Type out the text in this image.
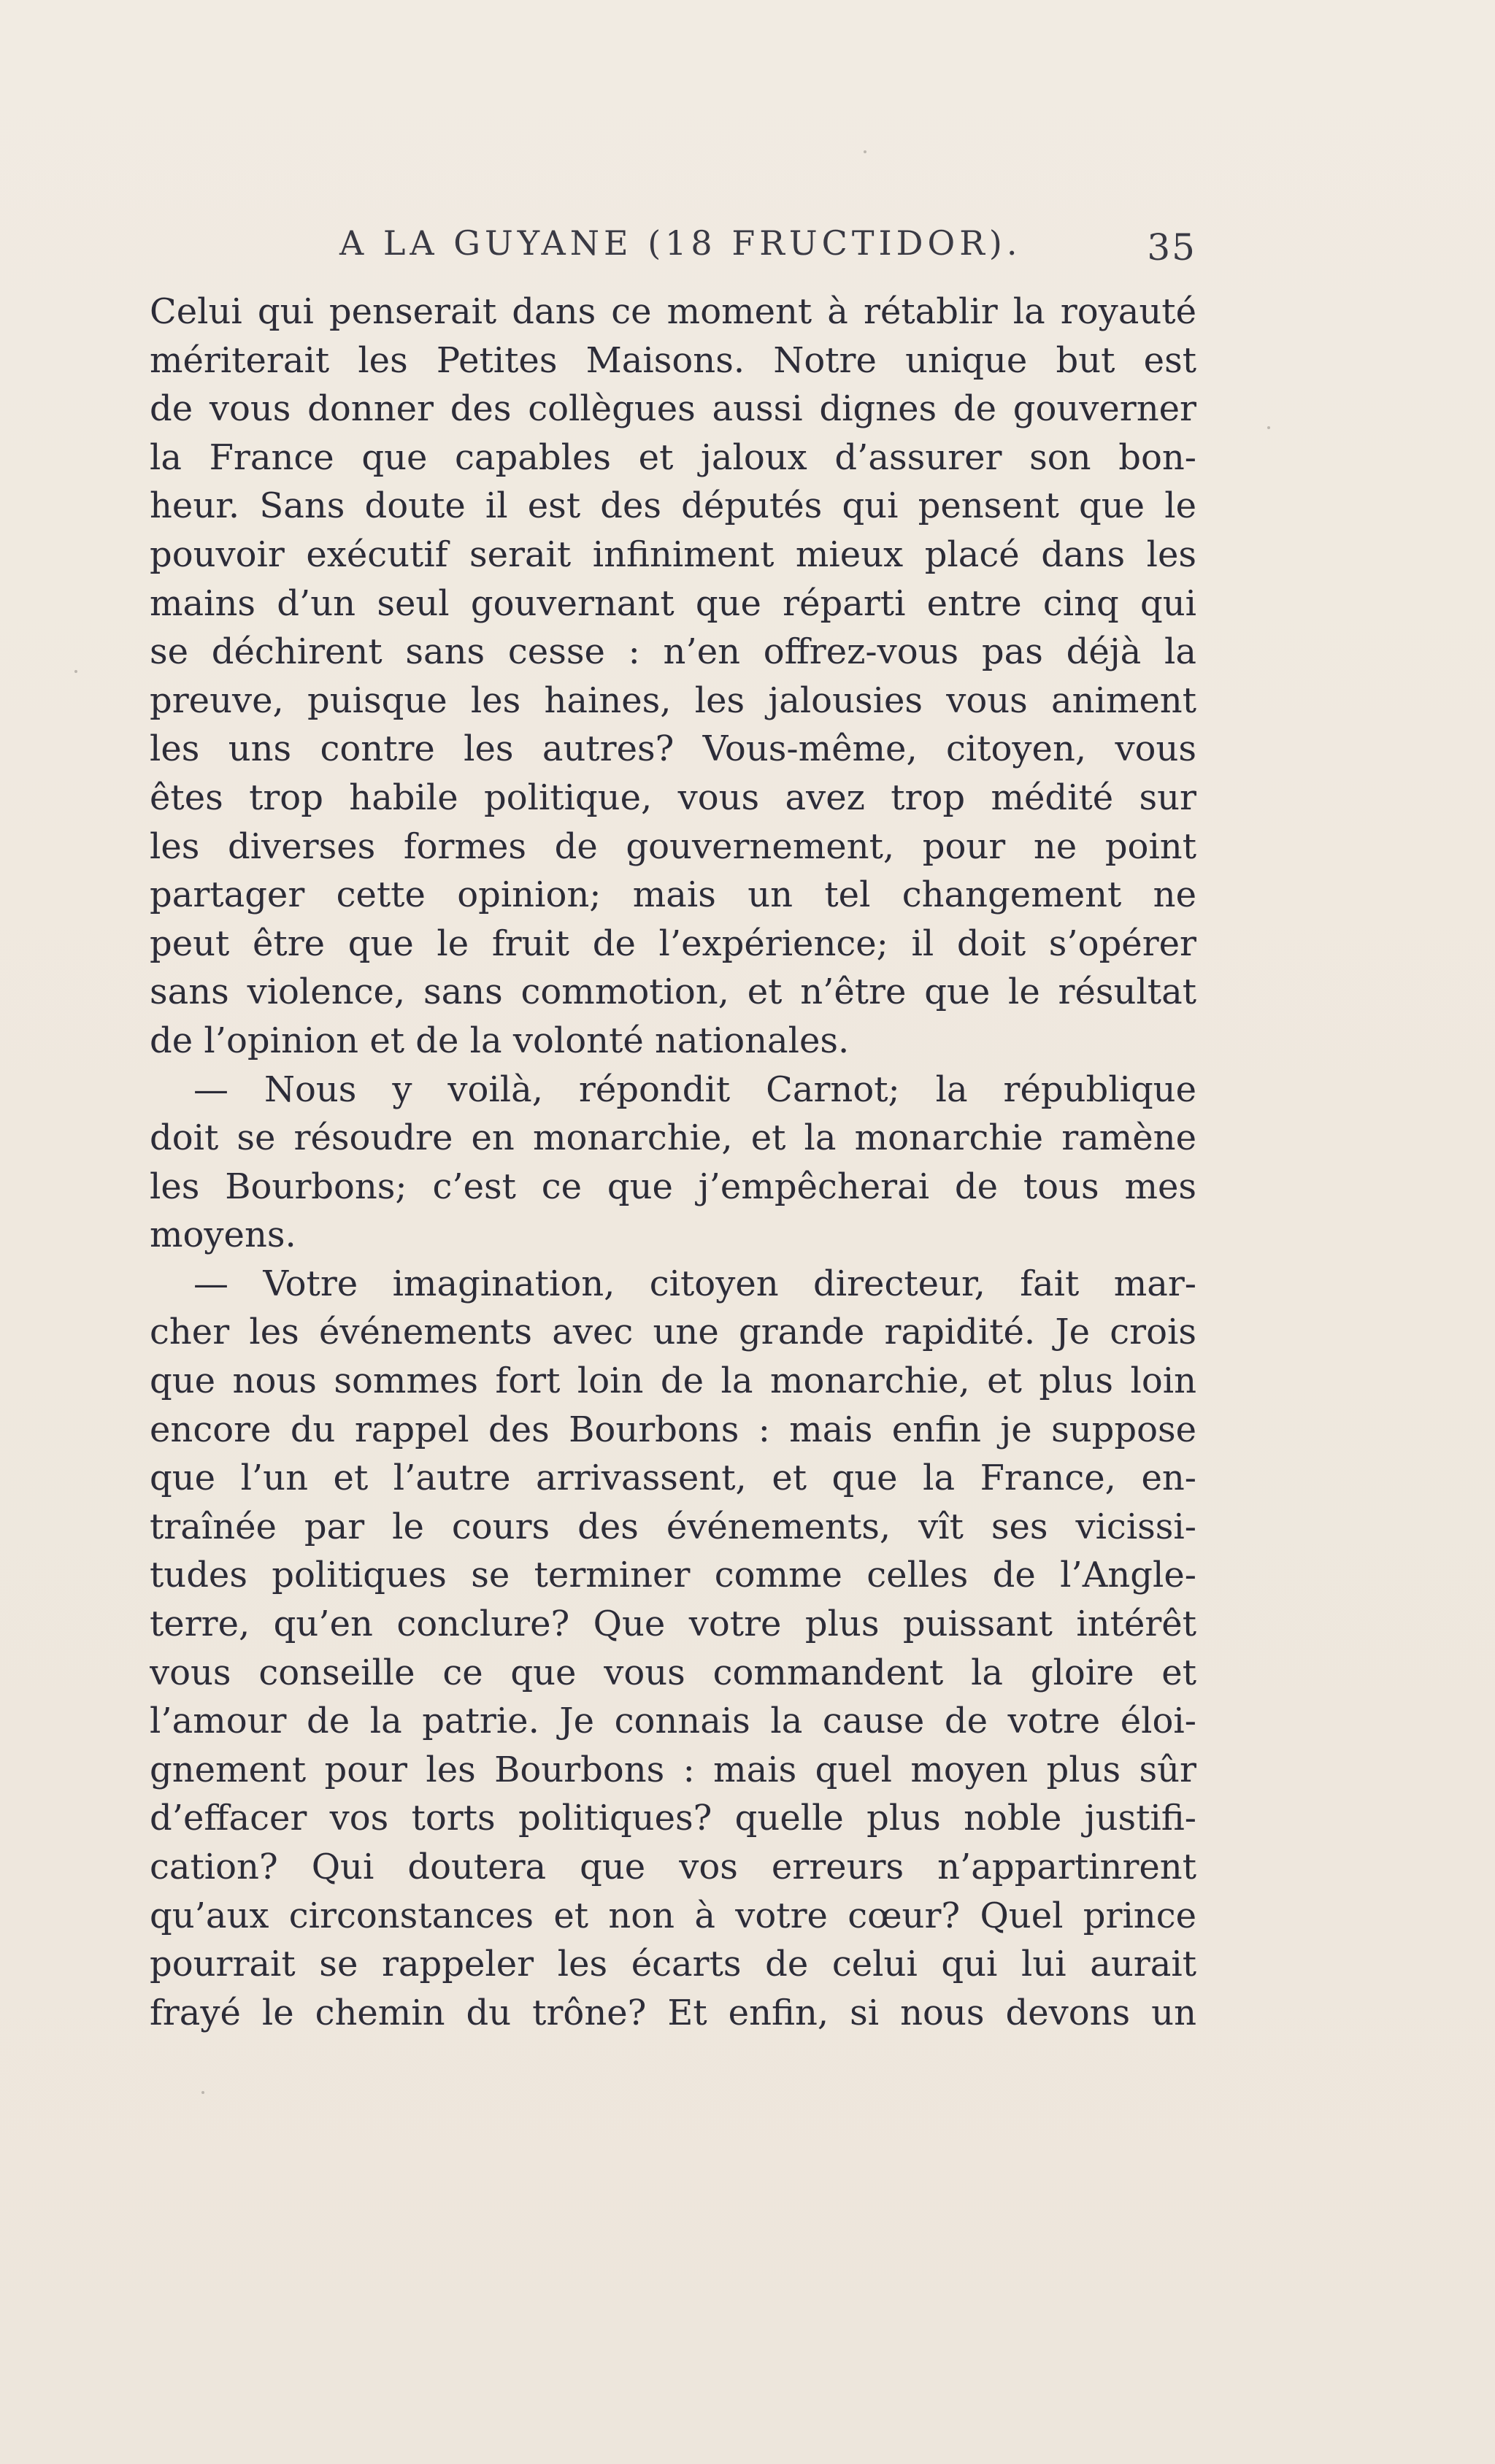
A LA GUYANE (18 FRUCTIDOR).	35
Celui qui penserait dans ce moment à rétablir la royauté
mériterait les Petites Maisons. Notre unique but est
de vous donner des collègues aussi dignes de gouverner
la France que capables et jaloux d’assurer son bon-
heur. Sans doute il est des députés qui pensent que le
pouvoir exécutif serait infiniment mieux placé dans les
mains d’un seul gouvernant que réparti entre cinq qui
se déchirent sans cesse : n’en offrez-vous pas déjà la
preuve, puisque les haines, les jalousies vous animent
les uns contre les autres? Vous-même, citoyen, vous
êtes trop habile politique, vous avez trop médité sur
les diverses formes de gouvernement, pour ne point
partager cette opinion; mais un tel changement ne
peut être que le fruit de l’expérience; il doit s’opérer
sans violence, sans commotion, et n’être que le résultat
de l’opinion et de la volonté nationales.
— Nous y voilà, répondit Carnot; la république
doit se résoudre en monarchie, et la monarchie ramène
les Bourbons; c’est ce que j’empêcherai de tous mes
moyens.
— Votre imagination, citoyen directeur, fait mar-
cher les événements avec une grande rapidité. Je crois
que nous sommes fort loin de la monarchie, et plus loin
encore du rappel des Bourbons : mais enfin je suppose
que l’un et l’autre arrivassent, et que la France, en-
traînée par le cours des événements, vît ses vicissi-
tudes politiques se terminer comme celles de l’Angle-
terre, qu’en conclure? Que votre plus puissant intérêt
vous conseille ce que vous commandent la gloire et
l’amour de la patrie. Je connais la cause de votre éloi-
gnement pour les Bourbons : mais quel moyen plus sûr
d’effacer vos torts politiques? quelle plus noble justifi-
cation? Qui doutera que vos erreurs n’appartinrent
qu’aux circonstances et non à votre cœur? Quel prince
pourrait se rappeler les écarts de celui qui lui aurait
frayé le chemin du trône? Et enfin, si nous devons un
